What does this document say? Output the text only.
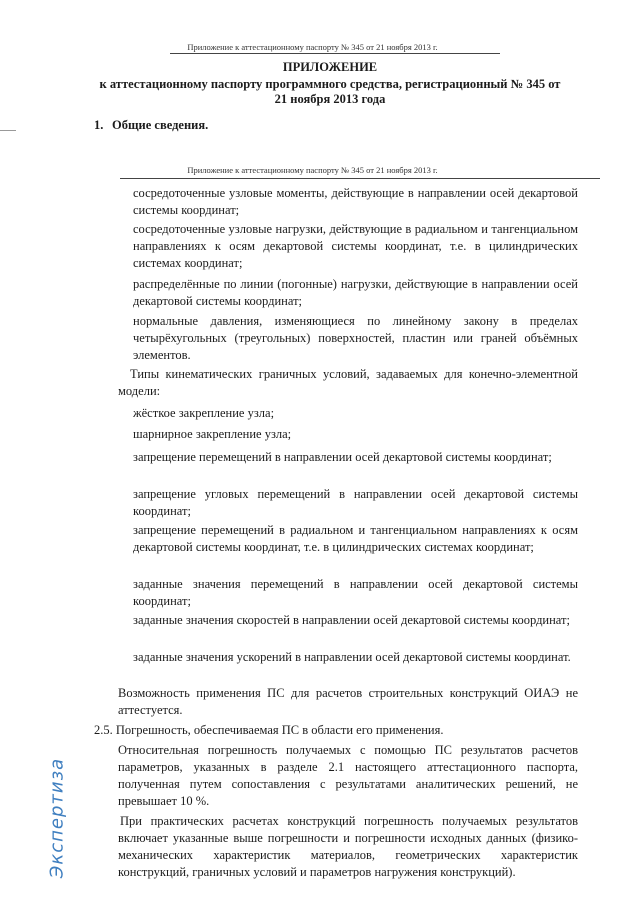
Приложение к аттестационному паспорту № 345 от 21 ноября 2013 г.
ПРИЛОЖЕНИЕ
к аттестационному паспорту программного средства, регистрационный № 345 от
21 ноября 2013 года
1. Общие сведения.
Приложение к аттестационному паспорту № 345 от 21 ноября 2013 г.
сосредоточенные узловые моменты, действующие в направлении осей декартовой системы координат;
сосредоточенные узловые нагрузки, действующие в радиальном и тангенциальном направлениях к осям декартовой системы координат, т.е. в цилиндрических системах координат;
распределённые по линии (погонные) нагрузки, действующие в направлении осей декартовой системы координат;
нормальные давления, изменяющиеся по линейному закону в пределах четырёхугольных (треугольных) поверхностей, пластин или граней объёмных элементов.
Типы кинематических граничных условий, задаваемых для конечно-элементной модели:
жёсткое закрепление узла;
шарнирное закрепление узла;
запрещение перемещений в направлении осей декартовой системы координат;
запрещение угловых перемещений в направлении осей декартовой системы координат;
запрещение перемещений в радиальном и тангенциальном направлениях к осям декартовой системы координат, т.е. в цилиндрических системах координат;
заданные значения перемещений в направлении осей декартовой системы координат;
заданные значения скоростей в направлении осей декартовой системы координат;
заданные значения ускорений в направлении осей декартовой системы координат.
Возможность применения ПС для расчетов строительных конструкций ОИАЭ не аттестуется.
2.5. Погрешность, обеспечиваемая ПС в области его применения.
Относительная погрешность получаемых с помощью ПС результатов расчетов параметров, указанных в разделе 2.1 настоящего аттестационного паспорта, полученная путем сопоставления с результатами аналитических решений, не превышает 10 %.
При практических расчетах конструкций погрешность получаемых результатов включает указанные выше погрешности и погрешности исходных данных (физико-механических характеристик материалов, геометрических характеристик конструкций, граничных условий и параметров нагружения конструкций).
Экспертиза
